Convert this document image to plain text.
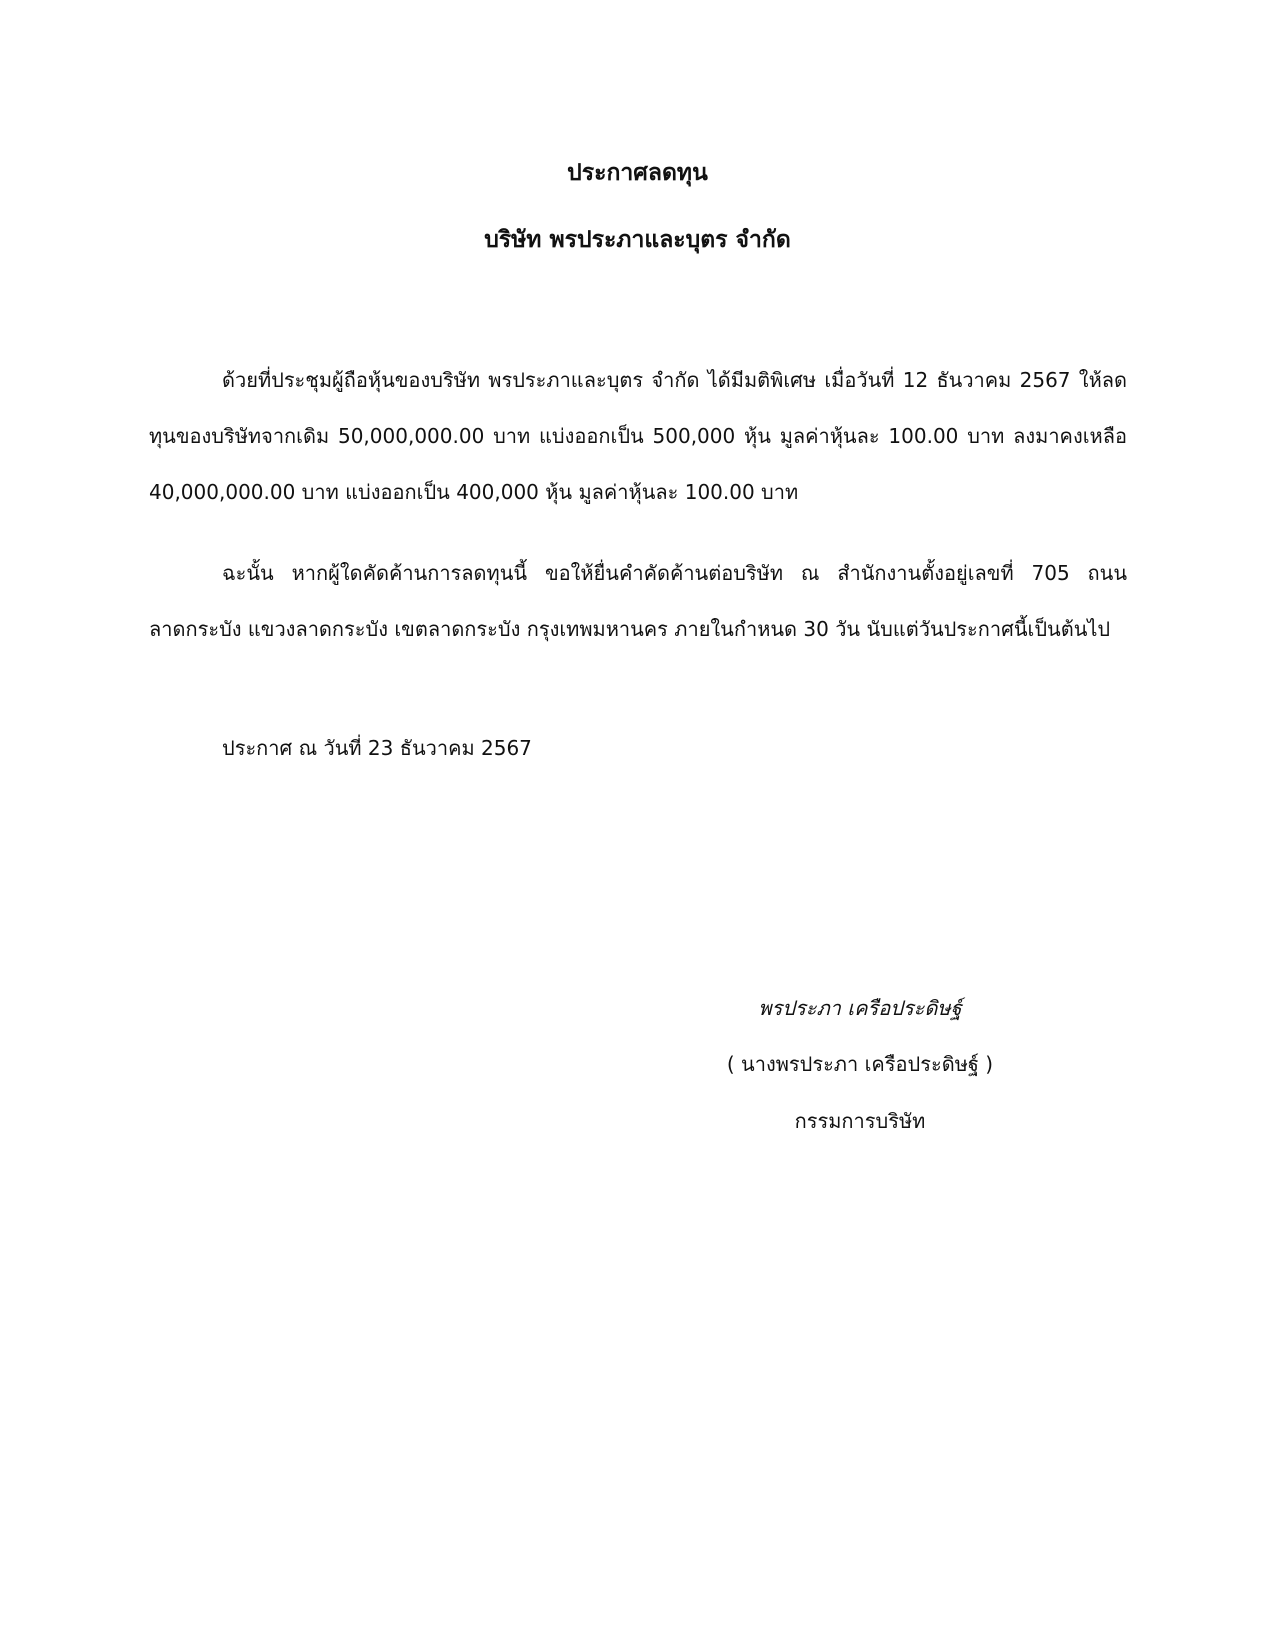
ประกาศลดทุน
บริษัท พรประภาและบุตร จำกัด

ด้วยที่ประชุมผู้ถือหุ้นของบริษัท พรประภาและบุตร จำกัด ได้มีมติพิเศษ เมื่อวันที่ 12 ธันวาคม 2567 ให้ลดทุนของบริษัทจากเดิม 50,000,000.00 บาท แบ่งออกเป็น 500,000 หุ้น มูลค่าหุ้นละ 100.00 บาท ลงมาคงเหลือ 40,000,000.00 บาท แบ่งออกเป็น 400,000 หุ้น มูลค่าหุ้นละ 100.00 บาท

ฉะนั้น หากผู้ใดคัดค้านการลดทุนนี้ ขอให้ยื่นคำคัดค้านต่อบริษัท ณ สำนักงานตั้งอยู่เลขที่ 705 ถนนลาดกระบัง แขวงลาดกระบัง เขตลาดกระบัง กรุงเทพมหานคร ภายในกำหนด 30 วัน นับแต่วันประกาศนี้เป็นต้นไป

ประกาศ ณ วันที่ 23 ธันวาคม 2567

พรประภา เครือประดิษฐ์

( นางพรประภา เครือประดิษฐ์ )

กรรมการบริษัท
